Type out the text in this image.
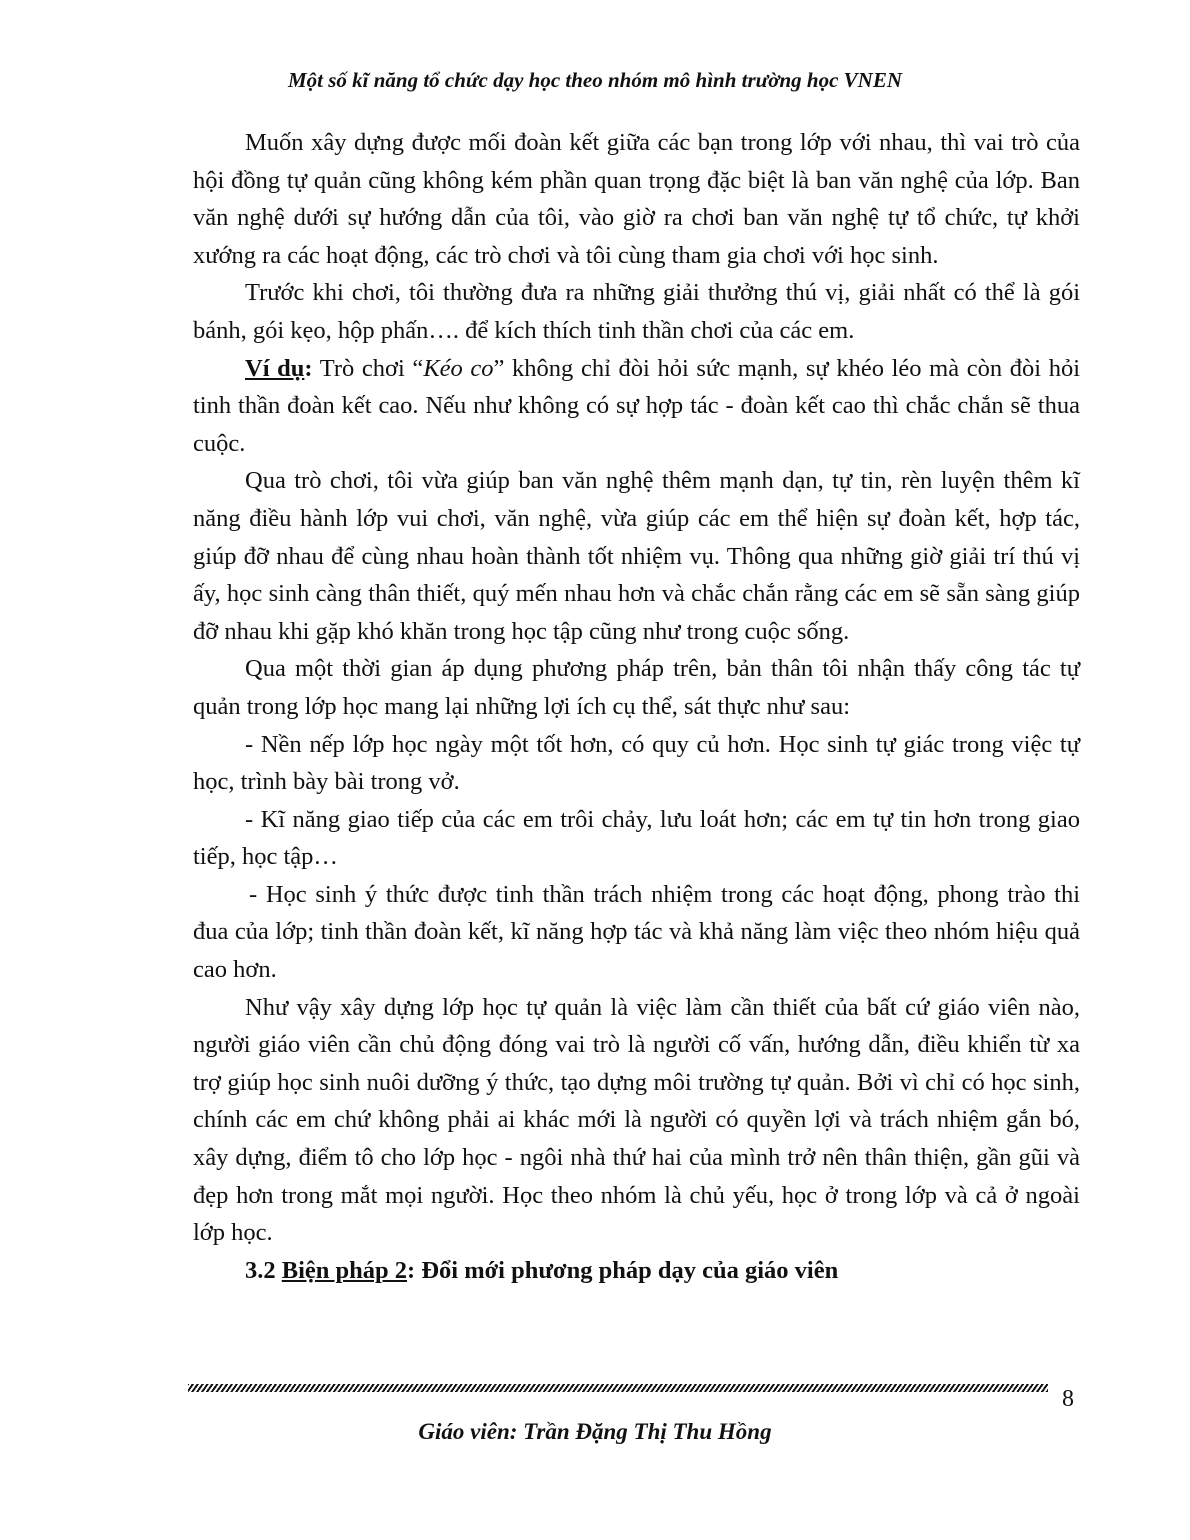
Một số kĩ năng tổ chức dạy học theo nhóm mô hình trường học VNEN

Muốn xây dựng được mối đoàn kết giữa các bạn trong lớp với nhau, thì vai trò của hội đồng tự quản cũng không kém phần quan trọng đặc biệt là ban văn nghệ của lớp. Ban văn nghệ dưới sự hướng dẫn của tôi, vào giờ ra chơi ban văn nghệ tự tổ chức, tự khởi xướng ra các hoạt động, các trò chơi và tôi cùng tham gia chơi với học sinh.

Trước khi chơi, tôi thường đưa ra những giải thưởng thú vị, giải nhất có thể là gói bánh, gói kẹo, hộp phấn…. để kích thích tinh thần chơi của các em.

Ví dụ: Trò chơi “Kéo co” không chỉ đòi hỏi sức mạnh, sự khéo léo mà còn đòi hỏi tinh thần đoàn kết cao. Nếu như không có sự hợp tác - đoàn kết cao thì chắc chắn sẽ thua cuộc.

Qua trò chơi, tôi vừa giúp ban văn nghệ thêm mạnh dạn, tự tin, rèn luyện thêm kĩ năng điều hành lớp vui chơi, văn nghệ, vừa giúp các em thể hiện sự đoàn kết, hợp tác, giúp đỡ nhau để cùng nhau hoàn thành tốt nhiệm vụ. Thông qua những giờ giải trí thú vị ấy, học sinh càng thân thiết, quý mến nhau hơn và chắc chắn rằng các em sẽ sẵn sàng giúp đỡ nhau khi gặp khó khăn trong học tập cũng như trong cuộc sống.

Qua một thời gian áp dụng phương pháp trên, bản thân tôi nhận thấy công tác tự quản trong lớp học mang lại những lợi ích cụ thể, sát thực như sau:

- Nền nếp lớp học ngày một tốt hơn, có quy củ hơn. Học sinh tự giác trong việc tự học, trình bày bài trong vở.

- Kĩ năng giao tiếp của các em trôi chảy, lưu loát hơn; các em tự tin hơn trong giao tiếp, học tập…

- Học sinh ý thức được tinh thần trách nhiệm trong các hoạt động, phong trào thi đua của lớp; tinh thần đoàn kết, kĩ năng hợp tác và khả năng làm việc theo nhóm hiệu quả cao hơn.

Như vậy xây dựng lớp học tự quản là việc làm cần thiết của bất cứ giáo viên nào, người giáo viên cần chủ động đóng vai trò là người cố vấn, hướng dẫn, điều khiển từ xa trợ giúp học sinh nuôi dưỡng ý thức, tạo dựng môi trường tự quản. Bởi vì chỉ có học sinh, chính các em chứ không phải ai khác mới là người có quyền lợi và trách nhiệm gắn bó, xây dựng, điểm tô cho lớp học - ngôi nhà thứ hai của mình trở nên thân thiện, gần gũi và đẹp hơn trong mắt mọi người. Học theo nhóm là chủ yếu, học ở trong lớp và cả ở ngoài lớp học.

3.2 Biện pháp 2: Đổi mới phương pháp dạy của giáo viên

8
Giáo viên: Trần Đặng Thị Thu Hồng
